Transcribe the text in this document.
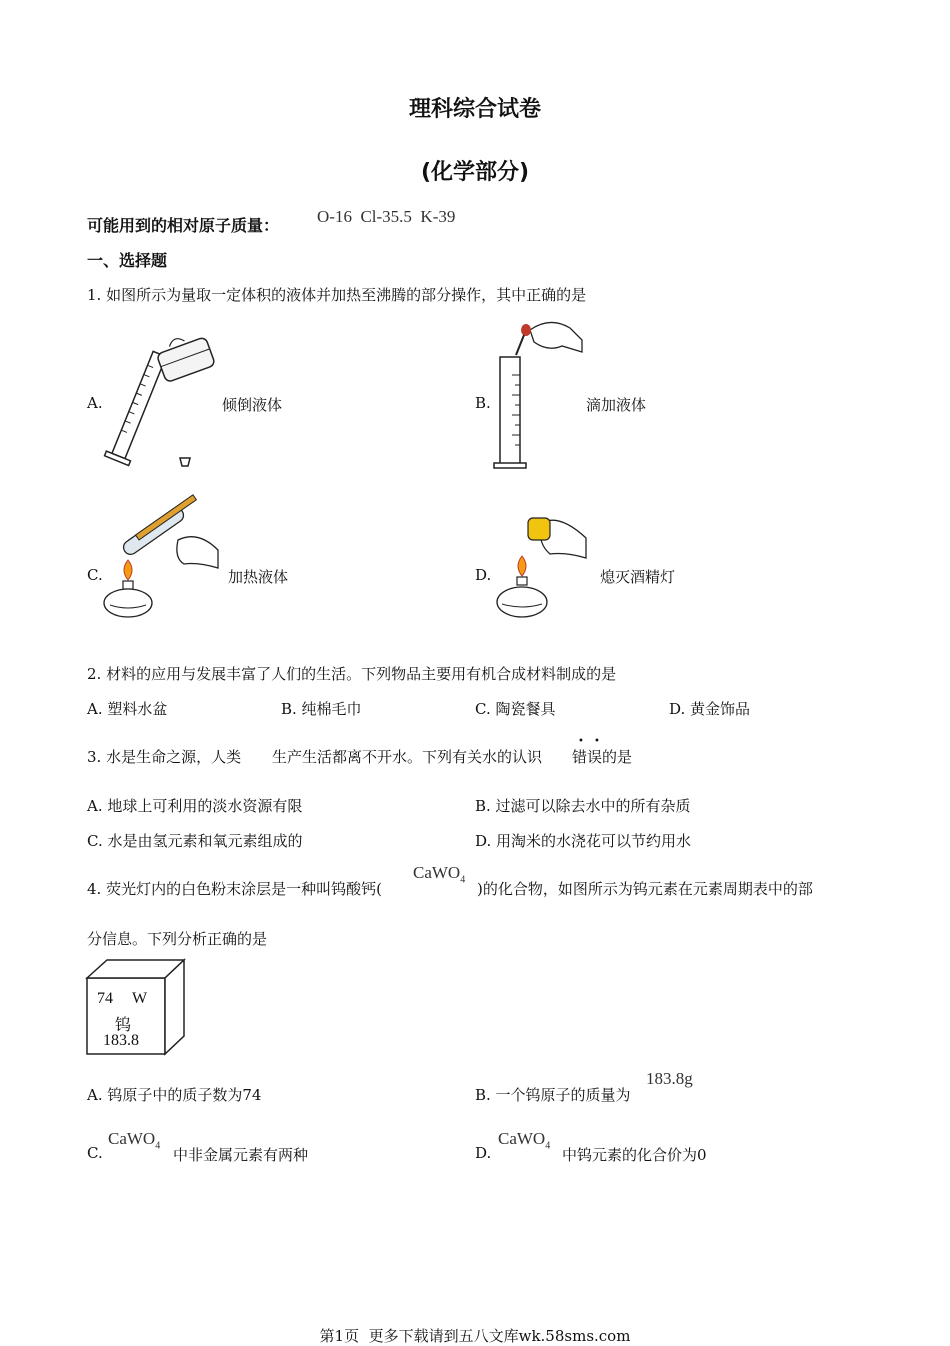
理科综合试卷
(化学部分)
可能用到的相对原子质量： O-16  Cl-35.5  K-39
一、选择题
1. 如图所示为量取一定体积的液体并加热至沸腾的部分操作，其中正确的是
A.	倾倒液体	B.	滴加液体
C.	加热液体	D.	熄灭酒精灯
2. 材料的应用与发展丰富了人们的生活。下列物品主要用有机合成材料制成的是
A. 塑料水盆	B. 纯棉毛巾	C. 陶瓷餐具	D. 黄金饰品
3. 水是生命之源，人类 生产生活都离不开水。下列有关水的认识 错误
• •
的是
A. 地球上可利用的淡水资源有限	B. 过滤可以除去水中的所有杂质
C. 水是由氢元素和氧元素组成的	D. 用淘米的水浇花可以节约用水
4. 荧光灯内的白色粉末涂层是一种叫钨酸钙(
CaWO$_4$
)的化合物，如图所示为钨元素在元素周期表中的部
分信息。下列分析正确的是
74 W
钨
183.8
A. 钨原子中的质子数为74	B. 一个钨原子的质量为
183.8g
C.
CaWO$_4$
中非金属元素有两种	D.
CaWO$_4$
中钨元素的化合价为0
第1页  更多下载请到五八文库wk.58sms.com
